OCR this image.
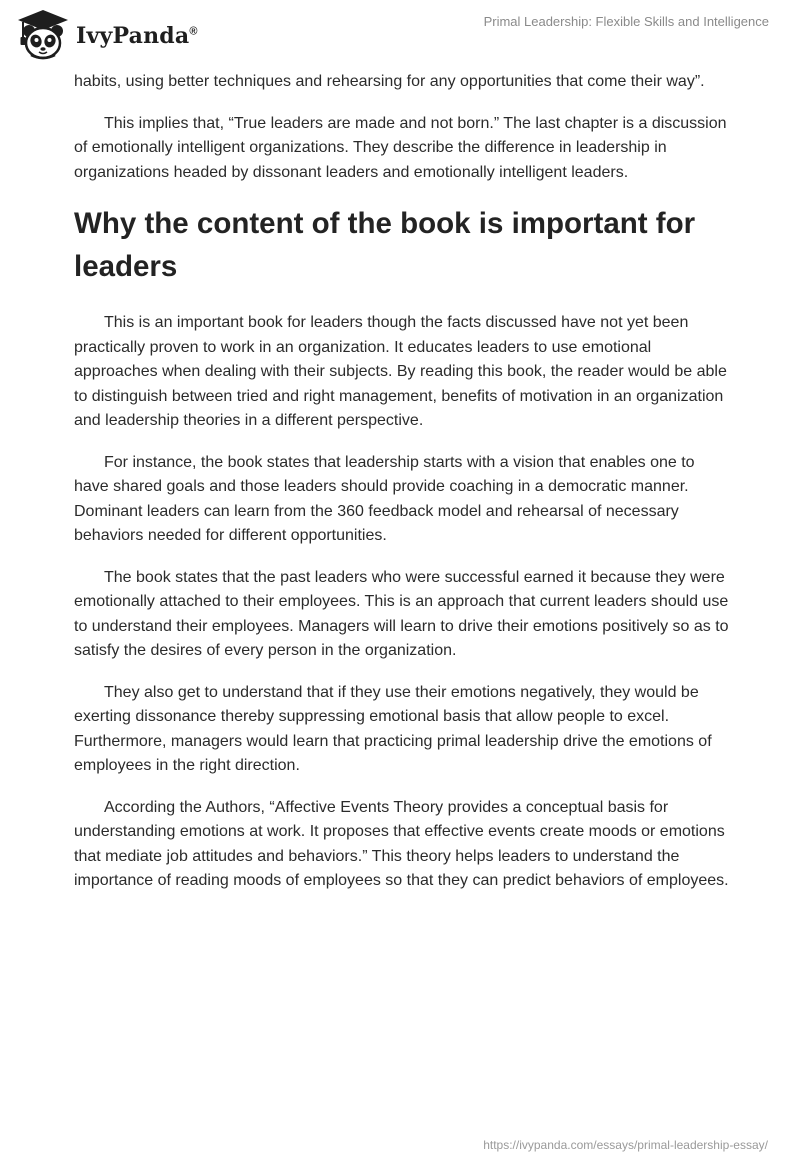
IvyPanda®
Primal Leadership: Flexible Skills and Intelligence

habits, using better techniques and rehearsing for any opportunities that come their way”.

This implies that, “True leaders are made and not born.” The last chapter is a discussion of emotionally intelligent organizations. They describe the difference in leadership in organizations headed by dissonant leaders and emotionally intelligent leaders.

Why the content of the book is important for leaders

This is an important book for leaders though the facts discussed have not yet been practically proven to work in an organization. It educates leaders to use emotional approaches when dealing with their subjects. By reading this book, the reader would be able to distinguish between tried and right management, benefits of motivation in an organization and leadership theories in a different perspective.

For instance, the book states that leadership starts with a vision that enables one to have shared goals and those leaders should provide coaching in a democratic manner. Dominant leaders can learn from the 360 feedback model and rehearsal of necessary behaviors needed for different opportunities.

The book states that the past leaders who were successful earned it because they were emotionally attached to their employees. This is an approach that current leaders should use to understand their employees. Managers will learn to drive their emotions positively so as to satisfy the desires of every person in the organization.

They also get to understand that if they use their emotions negatively, they would be exerting dissonance thereby suppressing emotional basis that allow people to excel. Furthermore, managers would learn that practicing primal leadership drive the emotions of employees in the right direction.

According the Authors, “Affective Events Theory provides a conceptual basis for understanding emotions at work. It proposes that effective events create moods or emotions that mediate job attitudes and behaviors.” This theory helps leaders to understand the importance of reading moods of employees so that they can predict behaviors of employees.

https://ivypanda.com/essays/primal-leadership-essay/
